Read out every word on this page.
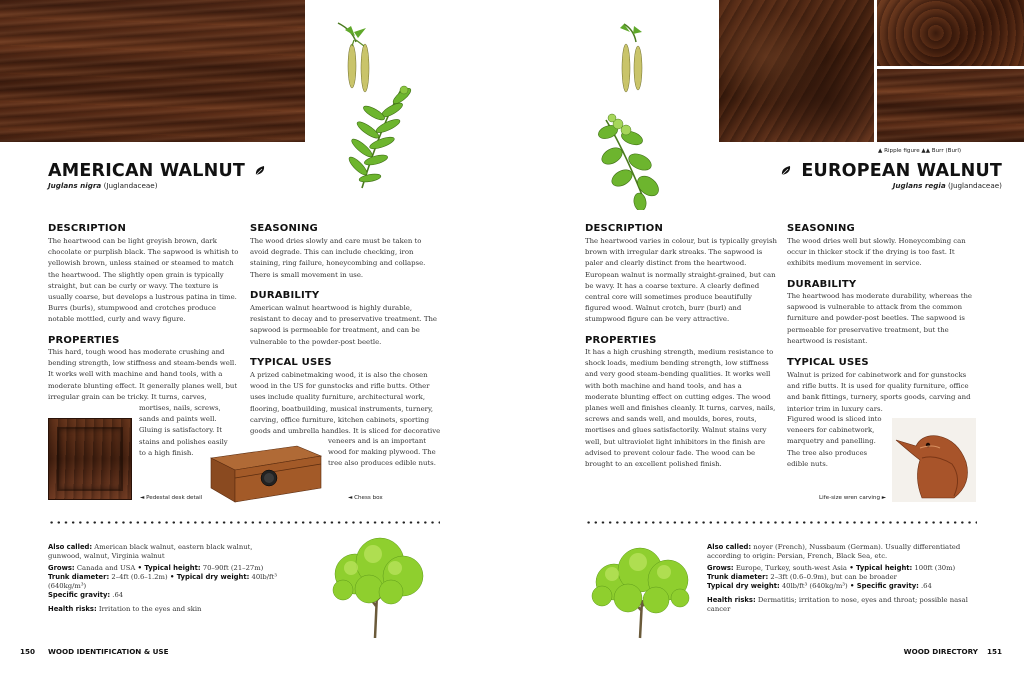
AMERICAN WALNUT
Juglans nigra (Juglandaceae)
DESCRIPTION
The heartwood can be light greyish brown, dark chocolate or purplish black. The sapwood is whitish to yellowish brown, unless stained or steamed to match the heartwood. The slightly open grain is typically straight, but can be curly or wavy. The texture is usually coarse, but develops a lustrous patina in time. Burrs (burls), stumpwood and crotches produce notable mottled, curly and wavy figure.
PROPERTIES
This hard, tough wood has moderate crushing and bending strength, low stiffness and steam-bends well. It works well with machine and hand tools, with a moderate blunting effect. It generally planes well, but irregular grain can be tricky. It turns, carves,
mortises, nails, screws, sands and paints well. Gluing is satisfactory. It stains and polishes easily to a high finish.
◄ Pedestal desk detail	◄ Chess box
SEASONING
The wood dries slowly and care must be taken to avoid degrade. This can include checking, iron staining, ring failure, honeycombing and collapse. There is small movement in use.
DURABILITY
American walnut heartwood is highly durable, resistant to decay and to preservative treatment. The sapwood is permeable for treatment, and can be vulnerable to the powder-post beetle.
TYPICAL USES
A prized cabinetmaking wood, it is also the chosen wood in the US for gunstocks and rifle butts. Other uses include quality furniture, architectural work, flooring, boatbuilding, musical instruments, turnery, carving, office furniture, kitchen cabinets, sporting goods and umbrella handles. It is sliced for decorative
veneers and is an important wood for making plywood. The tree also produces edible nuts.
Also called: American black walnut, eastern black walnut, gunwood, walnut, Virginia walnut
Grows: Canada and USA • Typical height: 70–90ft (21–27m)
Trunk diameter: 2–4ft (0.6–1.2m) • Typical dry weight: 40lb/ft³ (640kg/m³)
Specific gravity: .64
Health risks: Irritation to the eyes and skin
150 WOOD IDENTIFICATION & USE
▲ Ripple figure ▲▲ Burr (Burl)
EUROPEAN WALNUT
Juglans regia (Juglandaceae)
DESCRIPTION
The heartwood varies in colour, but is typically greyish brown with irregular dark streaks. The sapwood is paler and clearly distinct from the heartwood. European walnut is normally straight-grained, but can be wavy. It has a coarse texture. A clearly defined central core will sometimes produce beautifully figured wood. Walnut crotch, burr (burl) and stumpwood figure can be very attractive.
PROPERTIES
It has a high crushing strength, medium resistance to shock loads, medium bending strength, low stiffness and very good steam-bending qualities. It works well with both machine and hand tools, and has a moderate blunting effect on cutting edges. The wood planes well and finishes cleanly. It turns, carves, nails, screws and sands well, and moulds, bores, routs, mortises and glues satisfactorily. Walnut stains very well, but ultraviolet light inhibitors in the finish are advised to prevent colour fade. The wood can be brought to an excellent polished finish.
SEASONING
The wood dries well but slowly. Honeycombing can occur in thicker stock if the drying is too fast. It exhibits medium movement in service.
DURABILITY
The heartwood has moderate durability, whereas the sapwood is vulnerable to attack from the common furniture and powder-post beetles. The sapwood is permeable for preservative treatment, but the heartwood is resistant.
TYPICAL USES
Walnut is prized for cabinetwork and for gunstocks and rifle butts. It is used for quality furniture, office and bank fittings, turnery, sports goods, carving and interior trim in luxury cars.
Figured wood is sliced into veneers for cabinetwork, marquetry and panelling. The tree also produces edible nuts.
Life-size wren carving ►
Also called: noyer (French), Nussbaum (German). Usually differentiated according to origin: Persian, French, Black Sea, etc.
Grows: Europe, Turkey, south-west Asia • Typical height: 100ft (30m)
Trunk diameter: 2–3ft (0.6–0.9m), but can be broader
Typical dry weight: 40lb/ft³ (640kg/m³) • Specific gravity: .64
Health risks: Dermatitis; irritation to nose, eyes and throat; possible nasal cancer
WOOD DIRECTORY 151
